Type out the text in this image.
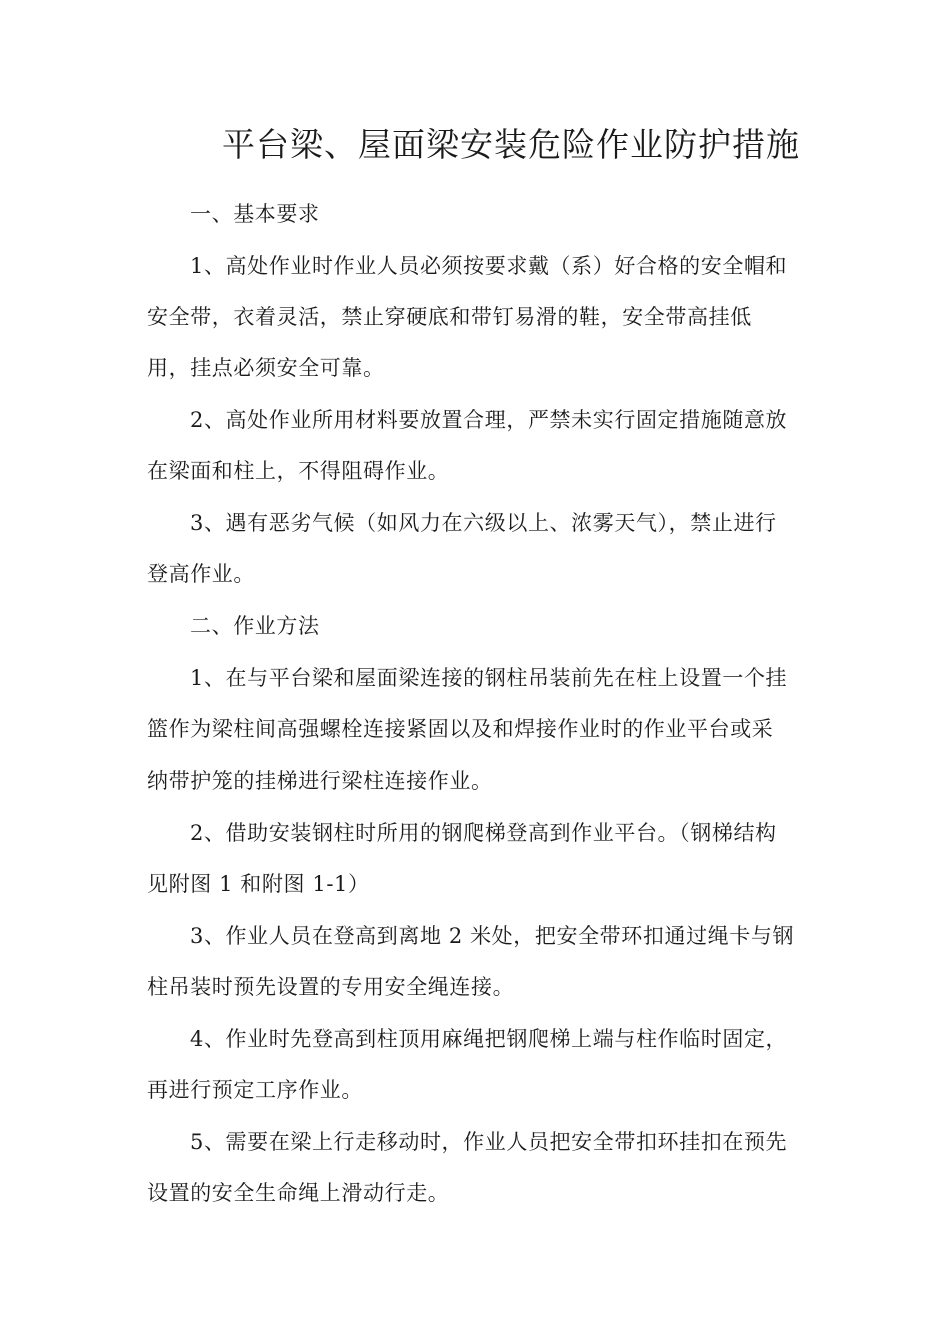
平台梁、屋面梁安装危险作业防护措施
一、基本要求
1、高处作业时作业人员必须按要求戴（系）好合格的安全帽和
安全带，衣着灵活，禁止穿硬底和带钉易滑的鞋，安全带高挂低
用，挂点必须安全可靠。
2、高处作业所用材料要放置合理，严禁未实行固定措施随意放
在梁面和柱上，不得阻碍作业。
3、遇有恶劣气候（如风力在六级以上、浓雾天气），禁止进行
登高作业。
二、作业方法
1、在与平台梁和屋面梁连接的钢柱吊装前先在柱上设置一个挂
篮作为梁柱间高强螺栓连接紧固以及和焊接作业时的作业平台或采
纳带护笼的挂梯进行梁柱连接作业。
2、借助安装钢柱时所用的钢爬梯登高到作业平台。（钢梯结构
见附图 1 和附图 1-1）
3、作业人员在登高到离地 2 米处，把安全带环扣通过绳卡与钢
柱吊装时预先设置的专用安全绳连接。
4、作业时先登高到柱顶用麻绳把钢爬梯上端与柱作临时固定，
再进行预定工序作业。
5、需要在梁上行走移动时，作业人员把安全带扣环挂扣在预先
设置的安全生命绳上滑动行走。
